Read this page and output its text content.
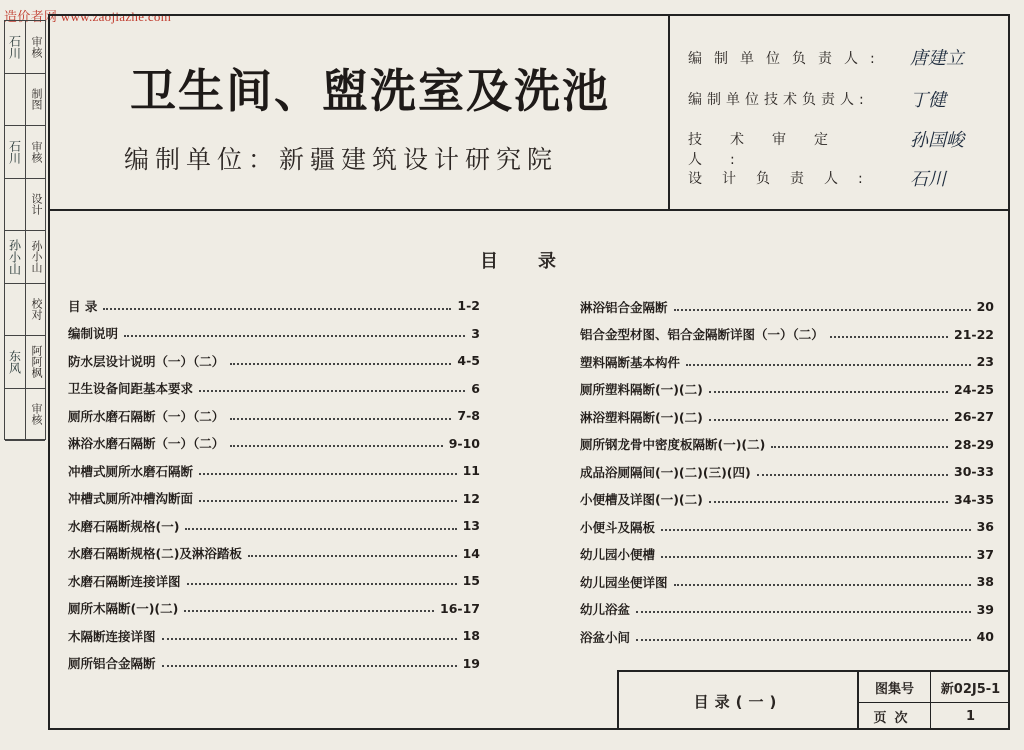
造价者网 www.zaojiazhe.com
石川 审核
制图
石川 审核
设计
孙小山 孙小山
校对
东风 阿阿枫
审核
卫生间、盥洗室及洗池
编制单位：新疆建筑设计研究院
编制单位负责人: 唐建立
编制单位技术负责人: 丁健
技术审定人:
孙国峻
设计负责人: 石川
目录
目 录	1-2
编制说明	3
防水层设计说明（一）（二）	4-5
卫生设备间距基本要求	6
厕所水磨石隔断（一）（二）	7-8
淋浴水磨石隔断（一）（二）	9-10
冲槽式厕所水磨石隔断	11
冲槽式厕所冲槽沟断面	12
水磨石隔断规格(一)	13
水磨石隔断规格(二)及淋浴踏板	14
水磨石隔断连接详图	15
厕所木隔断(一)(二)	16-17
木隔断连接详图	18
厕所铝合金隔断	19
淋浴铝合金隔断	20
铝合金型材图、铝合金隔断详图（一）（二）	21-22
塑料隔断基本构件	23
厕所塑料隔断(一)(二)	24-25
淋浴塑料隔断(一)(二)	26-27
厕所钢龙骨中密度板隔断(一)(二)	28-29
成品浴厕隔间(一)(二)(三)(四)	30-33
小便槽及详图(一)(二)	34-35
小便斗及隔板	36
幼儿园小便槽	37
幼儿园坐便详图	38
幼儿浴盆	39
浴盆小间	40
目录(一)
图集号	新02J5-1
页次	1
